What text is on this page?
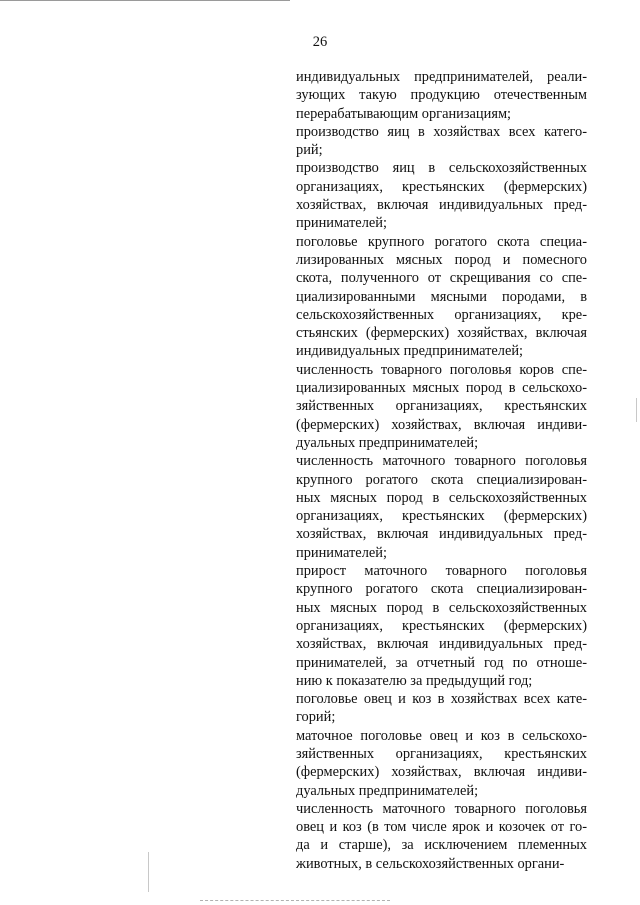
26

индивидуальных предпринимателей, реали-
зующих такую продукцию отечественным
перерабатывающим организациям;

производство яиц в хозяйствах всех катего-
рий;

производство яиц в сельскохозяйственных
организациях, крестьянских (фермерских)
хозяйствах, включая индивидуальных пред-
принимателей;

поголовье крупного рогатого скота специа-
лизированных мясных пород и помесного
скота, полученного от скрещивания со спе-
циализированными мясными породами, в
сельскохозяйственных организациях, кре-
стьянских (фермерских) хозяйствах, включая
индивидуальных предпринимателей;

численность товарного поголовья коров спе-
циализированных мясных пород в сельскохо-
зяйственных организациях, крестьянских
(фермерских) хозяйствах, включая индиви-
дуальных предпринимателей;

численность маточного товарного поголовья
крупного рогатого скота специализирован-
ных мясных пород в сельскохозяйственных
организациях, крестьянских (фермерских)
хозяйствах, включая индивидуальных пред-
принимателей;

прирост маточного товарного поголовья
крупного рогатого скота специализирован-
ных мясных пород в сельскохозяйственных
организациях, крестьянских (фермерских)
хозяйствах, включая индивидуальных пред-
принимателей, за отчетный год по отноше-
нию к показателю за предыдущий год;

поголовье овец и коз в хозяйствах всех кате-
горий;

маточное поголовье овец и коз в сельскохо-
зяйственных организациях, крестьянских
(фермерских) хозяйствах, включая индиви-
дуальных предпринимателей;

численность маточного товарного поголовья
овец и коз (в том числе ярок и козочек от го-
да и старше), за исключением племенных
животных, в сельскохозяйственных органи-
